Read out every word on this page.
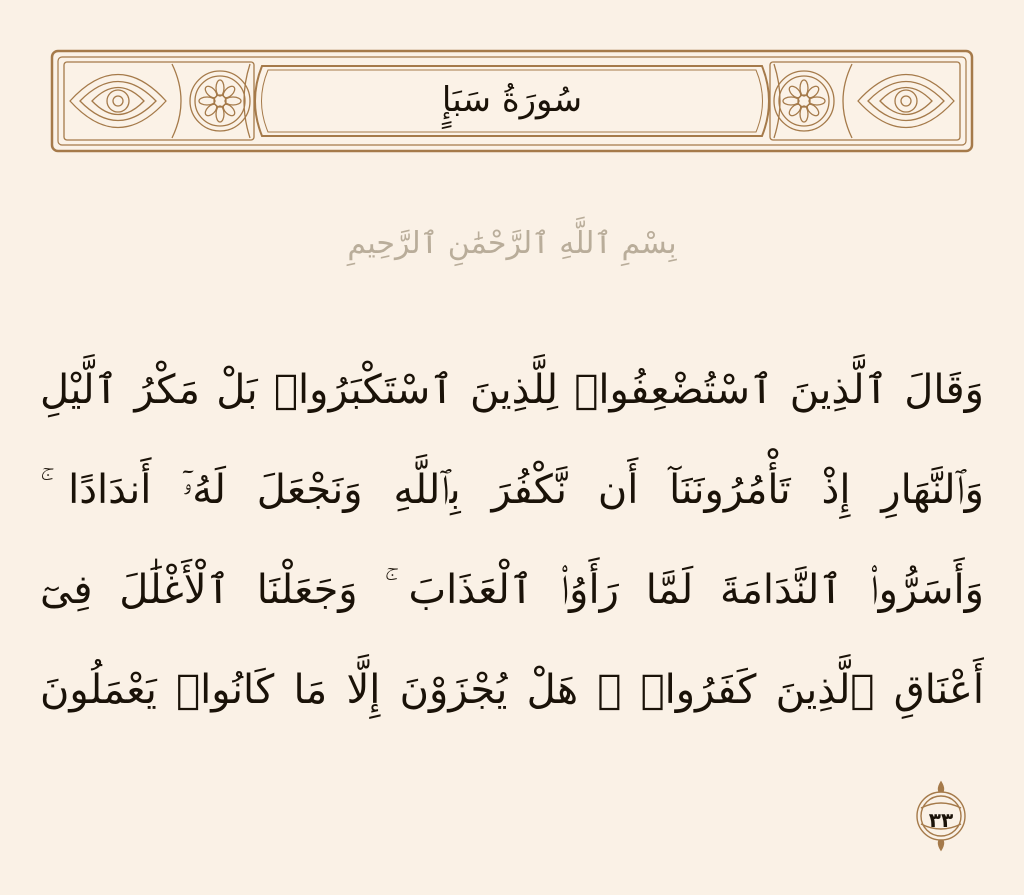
سُورَةُ سَبَإٍ
بِسْمِ ٱللَّهِ ٱلرَّحْمَٰنِ ٱلرَّحِيمِ
وَقَالَ ٱلَّذِينَ ٱسْتُضْعِفُوا۟ لِلَّذِينَ ٱسْتَكْبَرُوا۟ بَلْ مَكْرُ ٱلَّيْلِ
وَٱلنَّهَارِ إِذْ تَأْمُرُونَنَآ أَن نَّكْفُرَ بِٱللَّهِ وَنَجْعَلَ لَهُۥٓ أَندَادًا ۚ
وَأَسَرُّوا۟ ٱلنَّدَامَةَ لَمَّا رَأَوُا۟ ٱلْعَذَابَ ۚ وَجَعَلْنَا ٱلْأَغْلَٰلَ فِىٓ
أَعْنَاقِ ٱلَّذِينَ كَفَرُوا۟ ۚ هَلْ يُجْزَوْنَ إِلَّا مَا كَانُوا۟ يَعْمَلُونَ
٣٣
